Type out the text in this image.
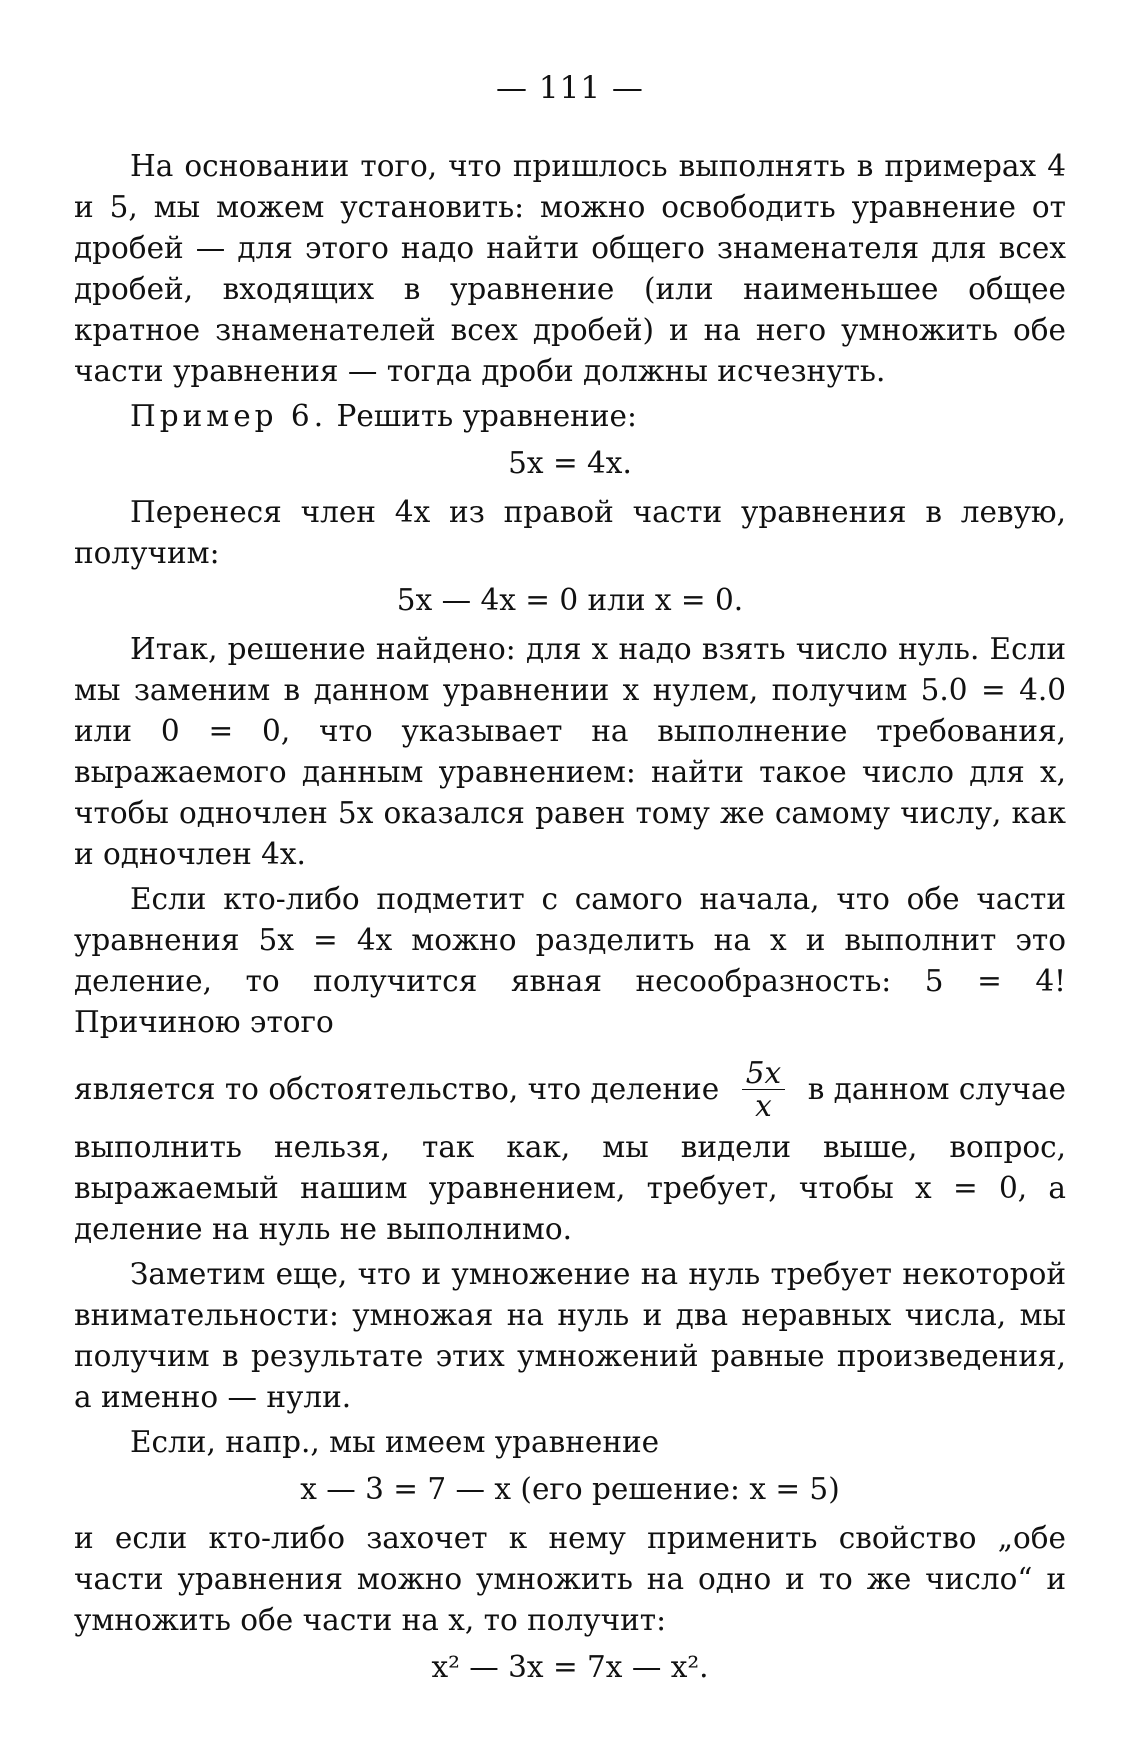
— 111 —

На основании того, что пришлось выполнять в примерах 4 и 5, мы можем установить: можно освободить уравнение от дробей — для этого надо найти общего знаменателя для всех дробей, входящих в уравнение (или наименьшее общее кратное знаменателей всех дробей) и на него умножить обе части уравнения — тогда дроби должны исчезнуть.

Пример 6. Решить уравнение:

5x = 4x.

Перенеся член 4x из правой части уравнения в левую, получим:

5x — 4x = 0 или x = 0.

Итак, решение найдено: для x надо взять число нуль. Если мы заменим в данном уравнении x нулем, получим 5.0 = 4.0 или 0 = 0, что указывает на выполнение требования, выражаемого данным уравнением: найти такое число для x, чтобы одночлен 5x оказался равен тому же самому числу, как и одночлен 4x.

Если кто-либо подметит с самого начала, что обе части уравнения 5x = 4x можно разделить на x и выполнит это деление, то получится явная несообразность: 5 = 4! Причиною этого

является то обстоятельство, что деление $\frac{5x}{x}$ в данном случае

выполнить нельзя, так как, мы видели выше, вопрос, выражаемый нашим уравнением, требует, чтобы x = 0, а деление на нуль не выполнимо.

Заметим еще, что и умножение на нуль требует некоторой внимательности: умножая на нуль и два неравных числа, мы получим в результате этих умножений равные произведения, а именно — нули.

Если, напр., мы имеем уравнение

x — 3 = 7 — x (его решение: x = 5)

и если кто-либо захочет к нему применить свойство „обе части уравнения можно умножить на одно и то же число“ и умножить обе части на x, то получит:

x² — 3x = 7x — x².
